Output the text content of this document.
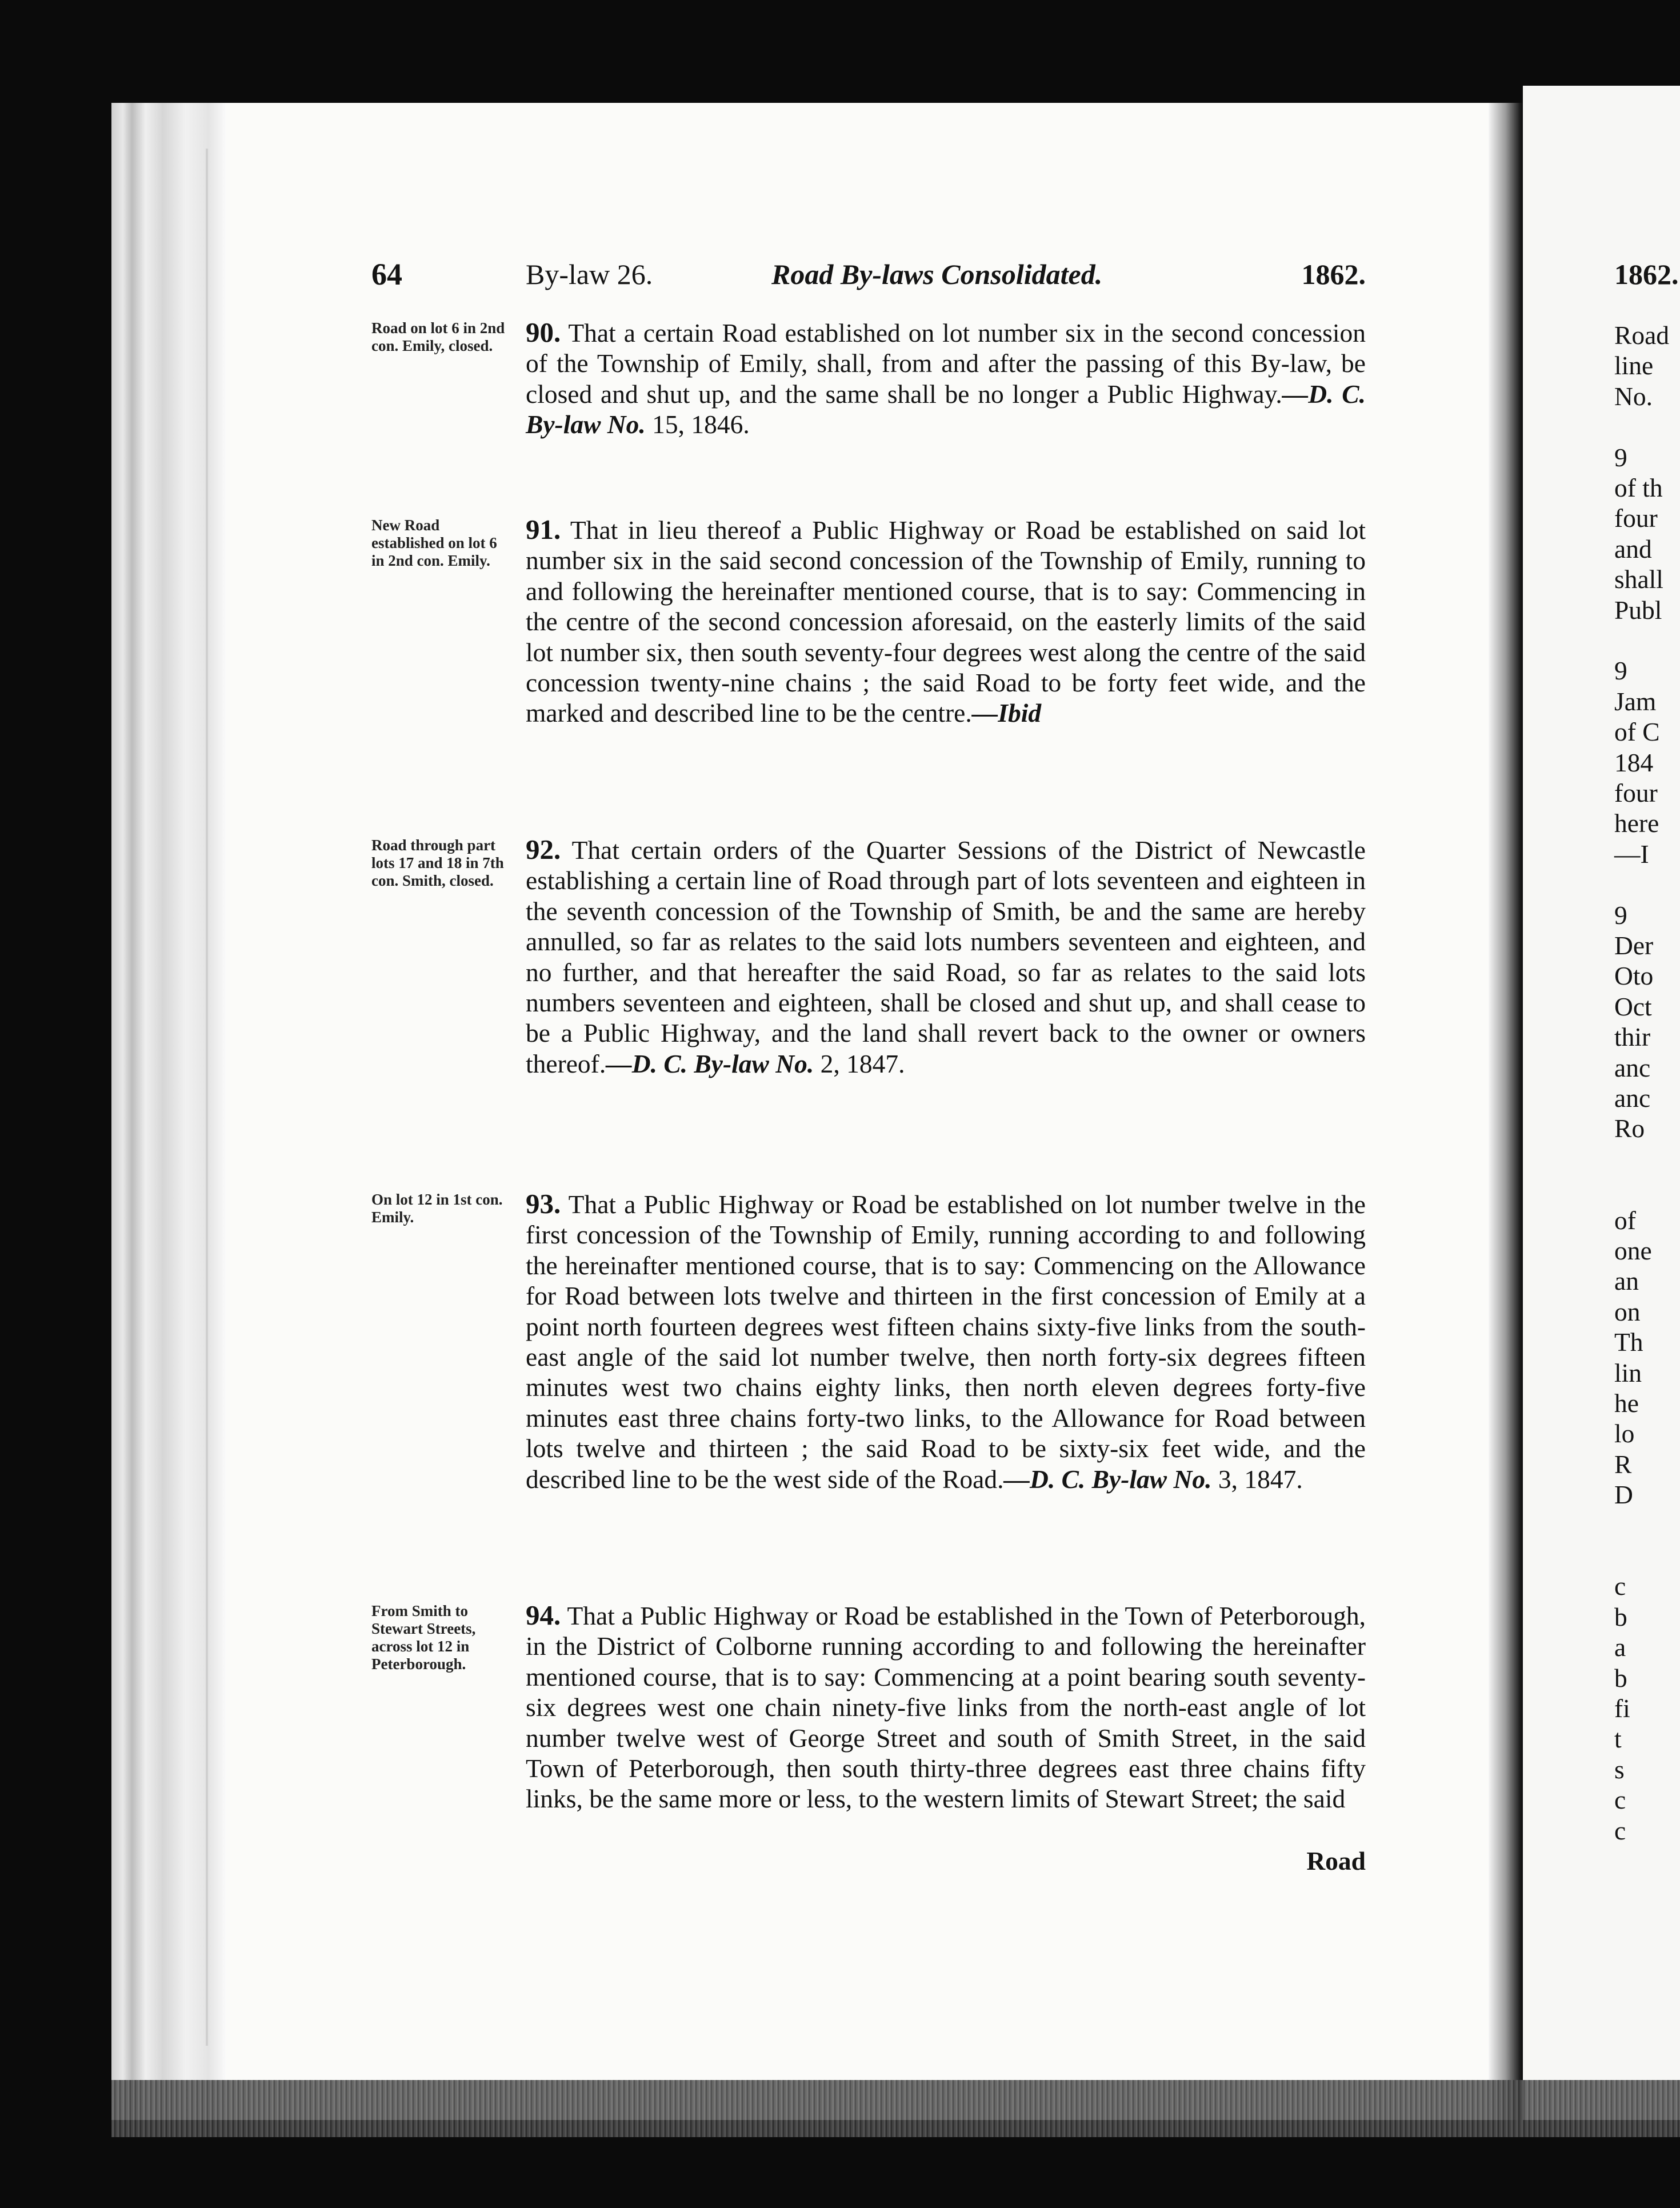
64	By-law 26.	Road By-laws Consolidated.	1862.
Road on lot 6 in 2nd con. Emily, closed.	90. That a certain Road established on lot number six in the second concession of the Township of Emily, shall, from and after the passing of this By-law, be closed and shut up, and the same shall be no longer a Public Highway.—D. C. By-law No. 15, 1846.
New Road established on lot 6 in 2nd con. Emily.
91. That in lieu thereof a Public Highway or Road be established on said lot number six in the said second concession of the Township of Emily, running to and following the hereinafter mentioned course, that is to say: Commencing in the centre of the second concession aforesaid, on the easterly limits of the said lot number six, then south seventy-four degrees west along the centre of the said concession twenty-nine chains ; the said Road to be forty feet wide, and the marked and described line to be the centre.—Ibid
Road through part lots 17 and 18 in 7th con. Smith, closed.
92. That certain orders of the Quarter Sessions of the District of Newcastle establishing a certain line of Road through part of lots seventeen and eighteen in the seventh concession of the Township of Smith, be and the same are hereby annulled, so far as relates to the said lots numbers seventeen and eighteen, and no further, and that hereafter the said Road, so far as relates to the said lots numbers seventeen and eighteen, shall be closed and shut up, and shall cease to be a Public Highway, and the land shall revert back to the owner or owners thereof.—D. C. By-law No. 2, 1847.
On lot 12 in 1st con. Emily.	93. That a Public Highway or Road be established on lot number twelve in the first concession of the Township of Emily, running according to and following the hereinafter mentioned course, that is to say: Commencing on the Allowance for Road between lots twelve and thirteen in the first concession of Emily at a point north fourteen degrees west fifteen chains sixty-five links from the south-east angle of the said lot number twelve, then north forty-six degrees fifteen minutes west two chains eighty links, then north eleven degrees forty-five minutes east three chains forty-two links, to the Allowance for Road between lots twelve and thirteen ; the said Road to be sixty-six feet wide, and the described line to be the west side of the Road.—D. C. By-law No. 3, 1847.
From Smith to Stewart Streets, across lot 12 in Peterborough.
94. That a Public Highway or Road be established in the Town of Peterborough, in the District of Colborne running according to and following the hereinafter mentioned course, that is to say: Commencing at a point bearing south seventy-six degrees west one chain ninety-five links from the north-east angle of lot number twelve west of George Street and south of Smith Street, in the said Town of Peterborough, then south thirty-three degrees east three chains fifty links, be the same more or less, to the western limits of Stewart Street; the said
Road
1862.
Road
line
No.
9
of th
four
and
shall
Publ
9
Jam
of C
184
four
here
—I
9
Der
Oto
Oct
thir
anc
anc
Ro
of
one
an
on
Th
lin
he
lo
R
D
c
b
a
b
fi
t
s
c
c
